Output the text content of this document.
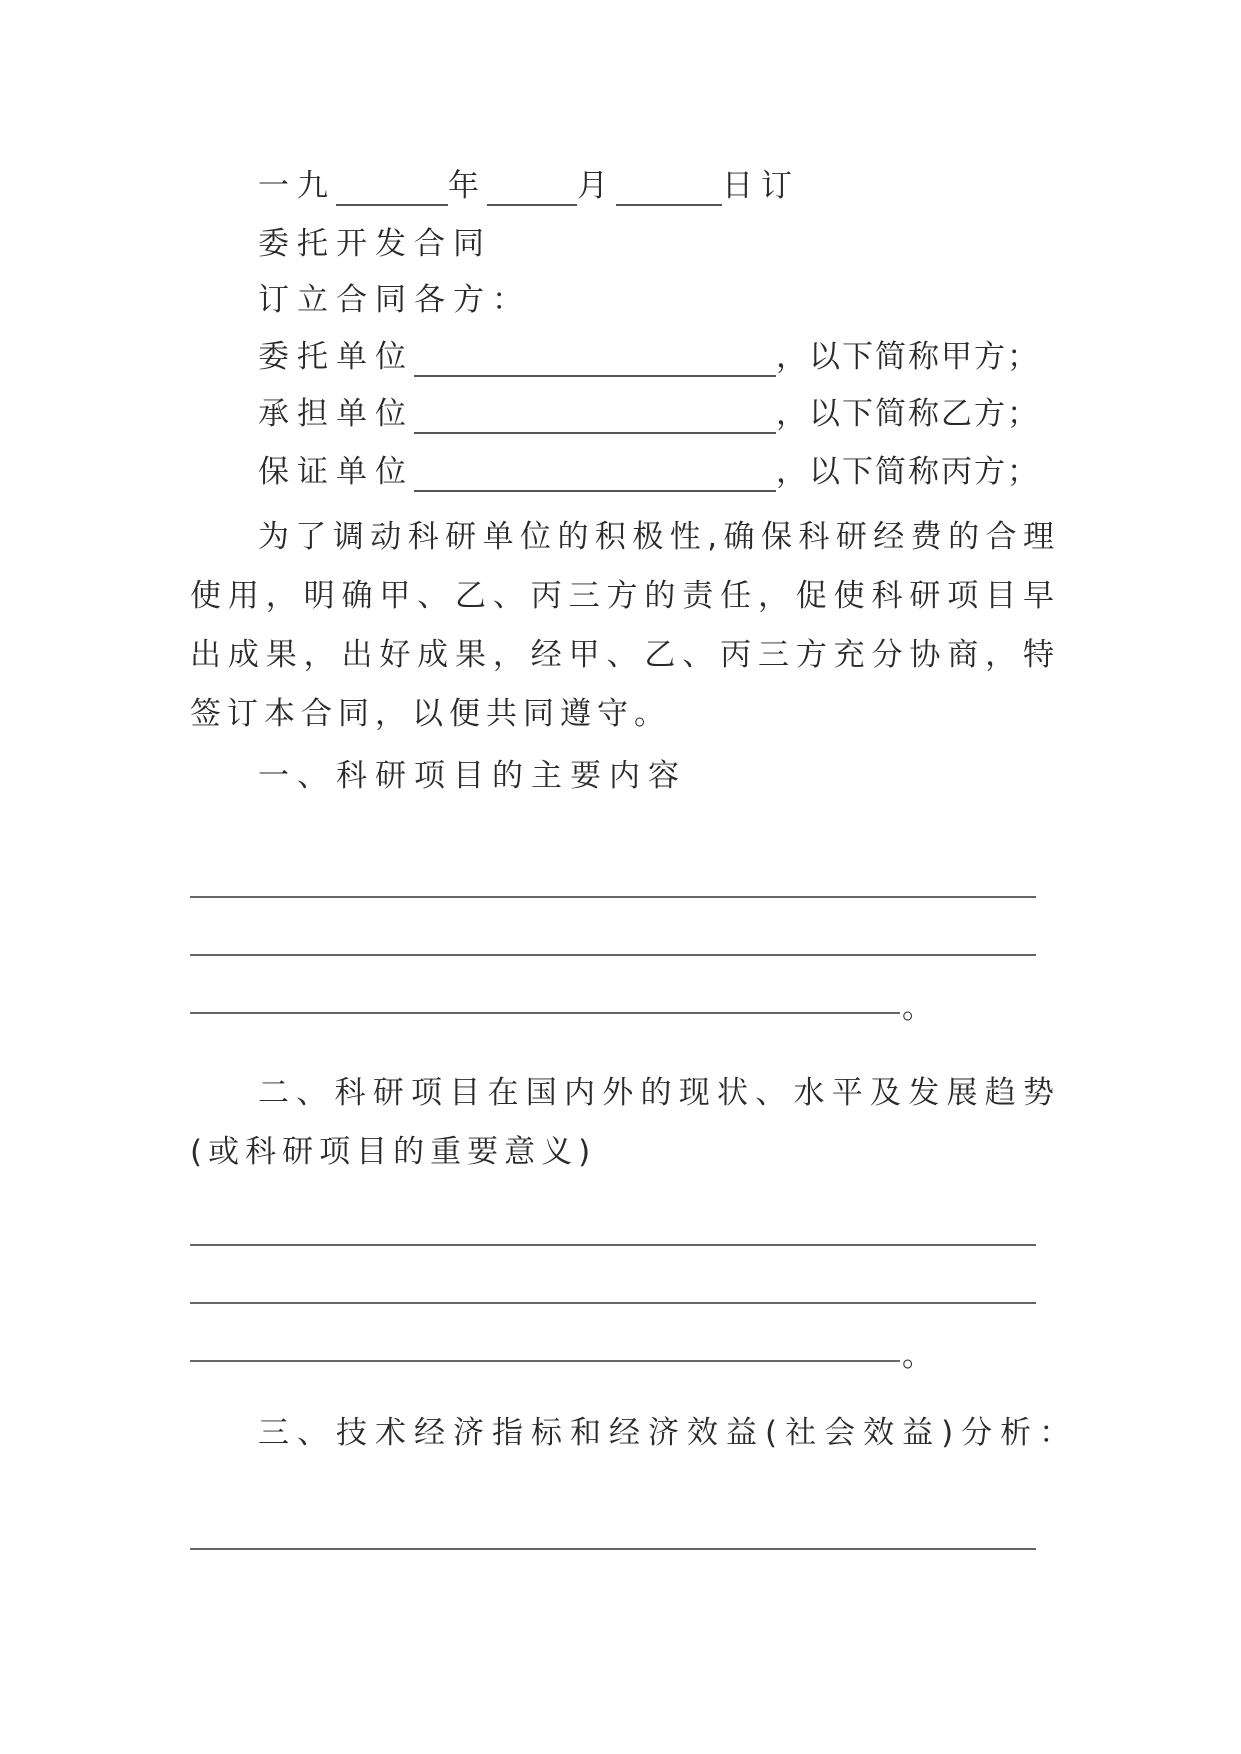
一九	年	月	日订
委托开发合同
订立合同各方：
委托单位	，以下简称甲方；
承担单位	，以下简称乙方；
保证单位	，以下简称丙方；
为了调动科研单位的积极性,确保科研经费的合理使用，明确甲、乙、丙三方的责任，促使科研项目早出成果，出好成果，经甲、乙、丙三方充分协商，特签订本合同，以便共同遵守。
一、科研项目的主要内容
。
二、科研项目在国内外的现状、水平及发展趋势(或科研项目的重要意义)
。
三、技术经济指标和经济效益(社会效益)分析：
